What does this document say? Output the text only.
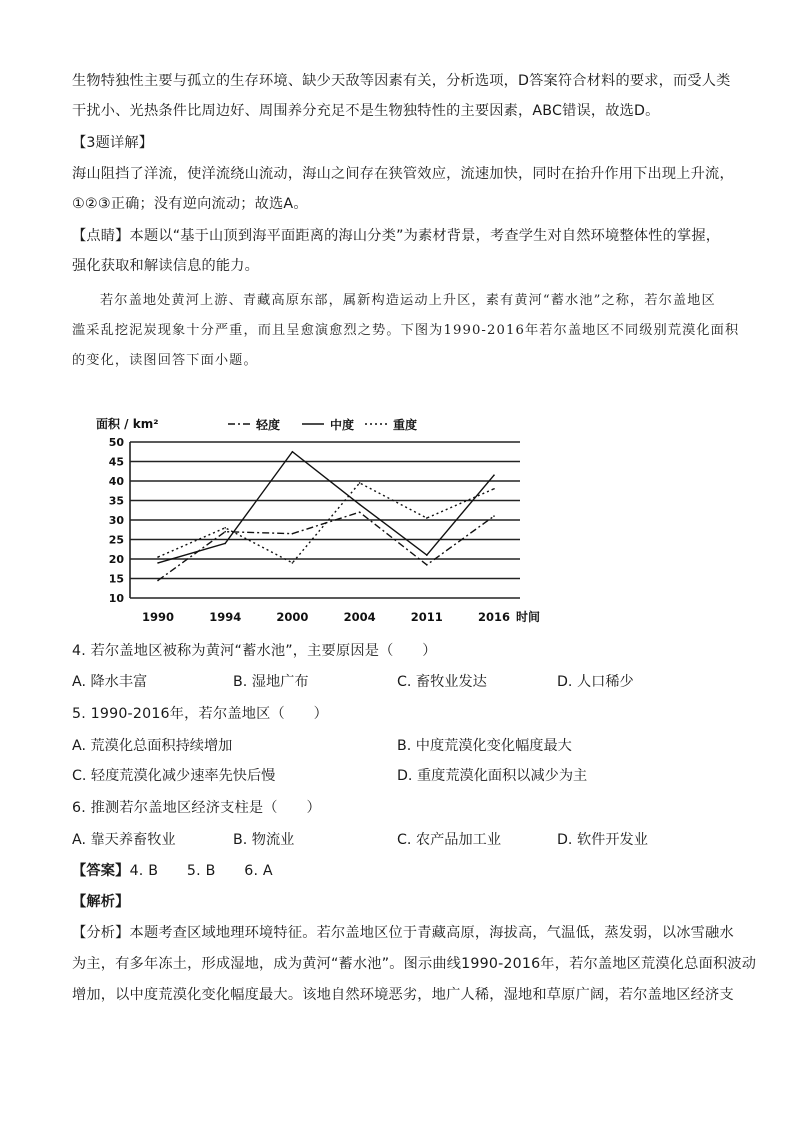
生物特独性主要与孤立的生存环境、缺少天敌等因素有关，分析选项，D答案符合材料的要求，而受人类
干扰小、光热条件比周边好、周围养分充足不是生物独特性的主要因素，ABC错误，故选D。
【3题详解】
海山阻挡了洋流，使洋流绕山流动，海山之间存在狭管效应，流速加快，同时在抬升作用下出现上升流，
①②③正确；没有逆向流动；故选A。
【点睛】本题以“基于山顶到海平面距离的海山分类”为素材背景，考查学生对自然环境整体性的掌握，
强化获取和解读信息的能力。
若尔盖地处黄河上游、青藏高原东部，属新构造运动上升区，素有黄河“蓄水池”之称，若尔盖地区
滥采乱挖泥炭现象十分严重，而且呈愈演愈烈之势。下图为1990-2016年若尔盖地区不同级别荒漠化面积
的变化，读图回答下面小题。
面积 / km²	轻度	中度	重度
10
15
20
25
30
35
40
45
50
1990	1994	2000	2004	2011	2016 时间
4. 若尔盖地区被称为黄河“蓄水池”，主要原因是（　　）
A. 降水丰富	B. 湿地广布	C. 畜牧业发达	D. 人口稀少
5. 1990-2016年，若尔盖地区（　　）
A. 荒漠化总面积持续增加	B. 中度荒漠化变化幅度最大
C. 轻度荒漠化减少速率先快后慢	D. 重度荒漠化面积以减少为主
6. 推测若尔盖地区经济支柱是（　　）
A. 靠天养畜牧业	B. 物流业	C. 农产品加工业	D. 软件开发业
【答案】4. B　　5. B　　6. A
【解析】
【分析】本题考查区域地理环境特征。若尔盖地区位于青藏高原，海拔高，气温低，蒸发弱，以冰雪融水
为主，有多年冻土，形成湿地，成为黄河“蓄水池”。图示曲线1990-2016年，若尔盖地区荒漠化总面积波动
增加，以中度荒漠化变化幅度最大。该地自然环境恶劣，地广人稀，湿地和草原广阔，若尔盖地区经济支
